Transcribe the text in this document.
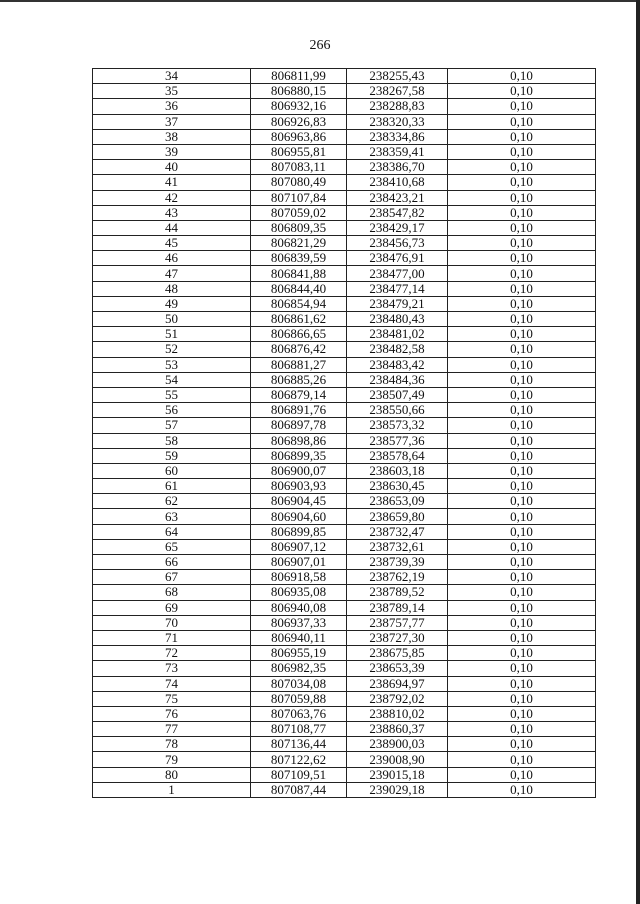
266
34	806811,99	238255,43	0,10
35	806880,15	238267,58	0,10
36	806932,16	238288,83	0,10
37	806926,83	238320,33	0,10
38	806963,86	238334,86	0,10
39	806955,81	238359,41	0,10
40	807083,11	238386,70	0,10
41	807080,49	238410,68	0,10
42	807107,84	238423,21	0,10
43	807059,02	238547,82	0,10
44	806809,35	238429,17	0,10
45	806821,29	238456,73	0,10
46	806839,59	238476,91	0,10
47	806841,88	238477,00	0,10
48	806844,40	238477,14	0,10
49	806854,94	238479,21	0,10
50	806861,62	238480,43	0,10
51	806866,65	238481,02	0,10
52	806876,42	238482,58	0,10
53	806881,27	238483,42	0,10
54	806885,26	238484,36	0,10
55	806879,14	238507,49	0,10
56	806891,76	238550,66	0,10
57	806897,78	238573,32	0,10
58	806898,86	238577,36	0,10
59	806899,35	238578,64	0,10
60	806900,07	238603,18	0,10
61	806903,93	238630,45	0,10
62	806904,45	238653,09	0,10
63	806904,60	238659,80	0,10
64	806899,85	238732,47	0,10
65	806907,12	238732,61	0,10
66	806907,01	238739,39	0,10
67	806918,58	238762,19	0,10
68	806935,08	238789,52	0,10
69	806940,08	238789,14	0,10
70	806937,33	238757,77	0,10
71	806940,11	238727,30	0,10
72	806955,19	238675,85	0,10
73	806982,35	238653,39	0,10
74	807034,08	238694,97	0,10
75	807059,88	238792,02	0,10
76	807063,76	238810,02	0,10
77	807108,77	238860,37	0,10
78	807136,44	238900,03	0,10
79	807122,62	239008,90	0,10
80	807109,51	239015,18	0,10
1	807087,44	239029,18	0,10
